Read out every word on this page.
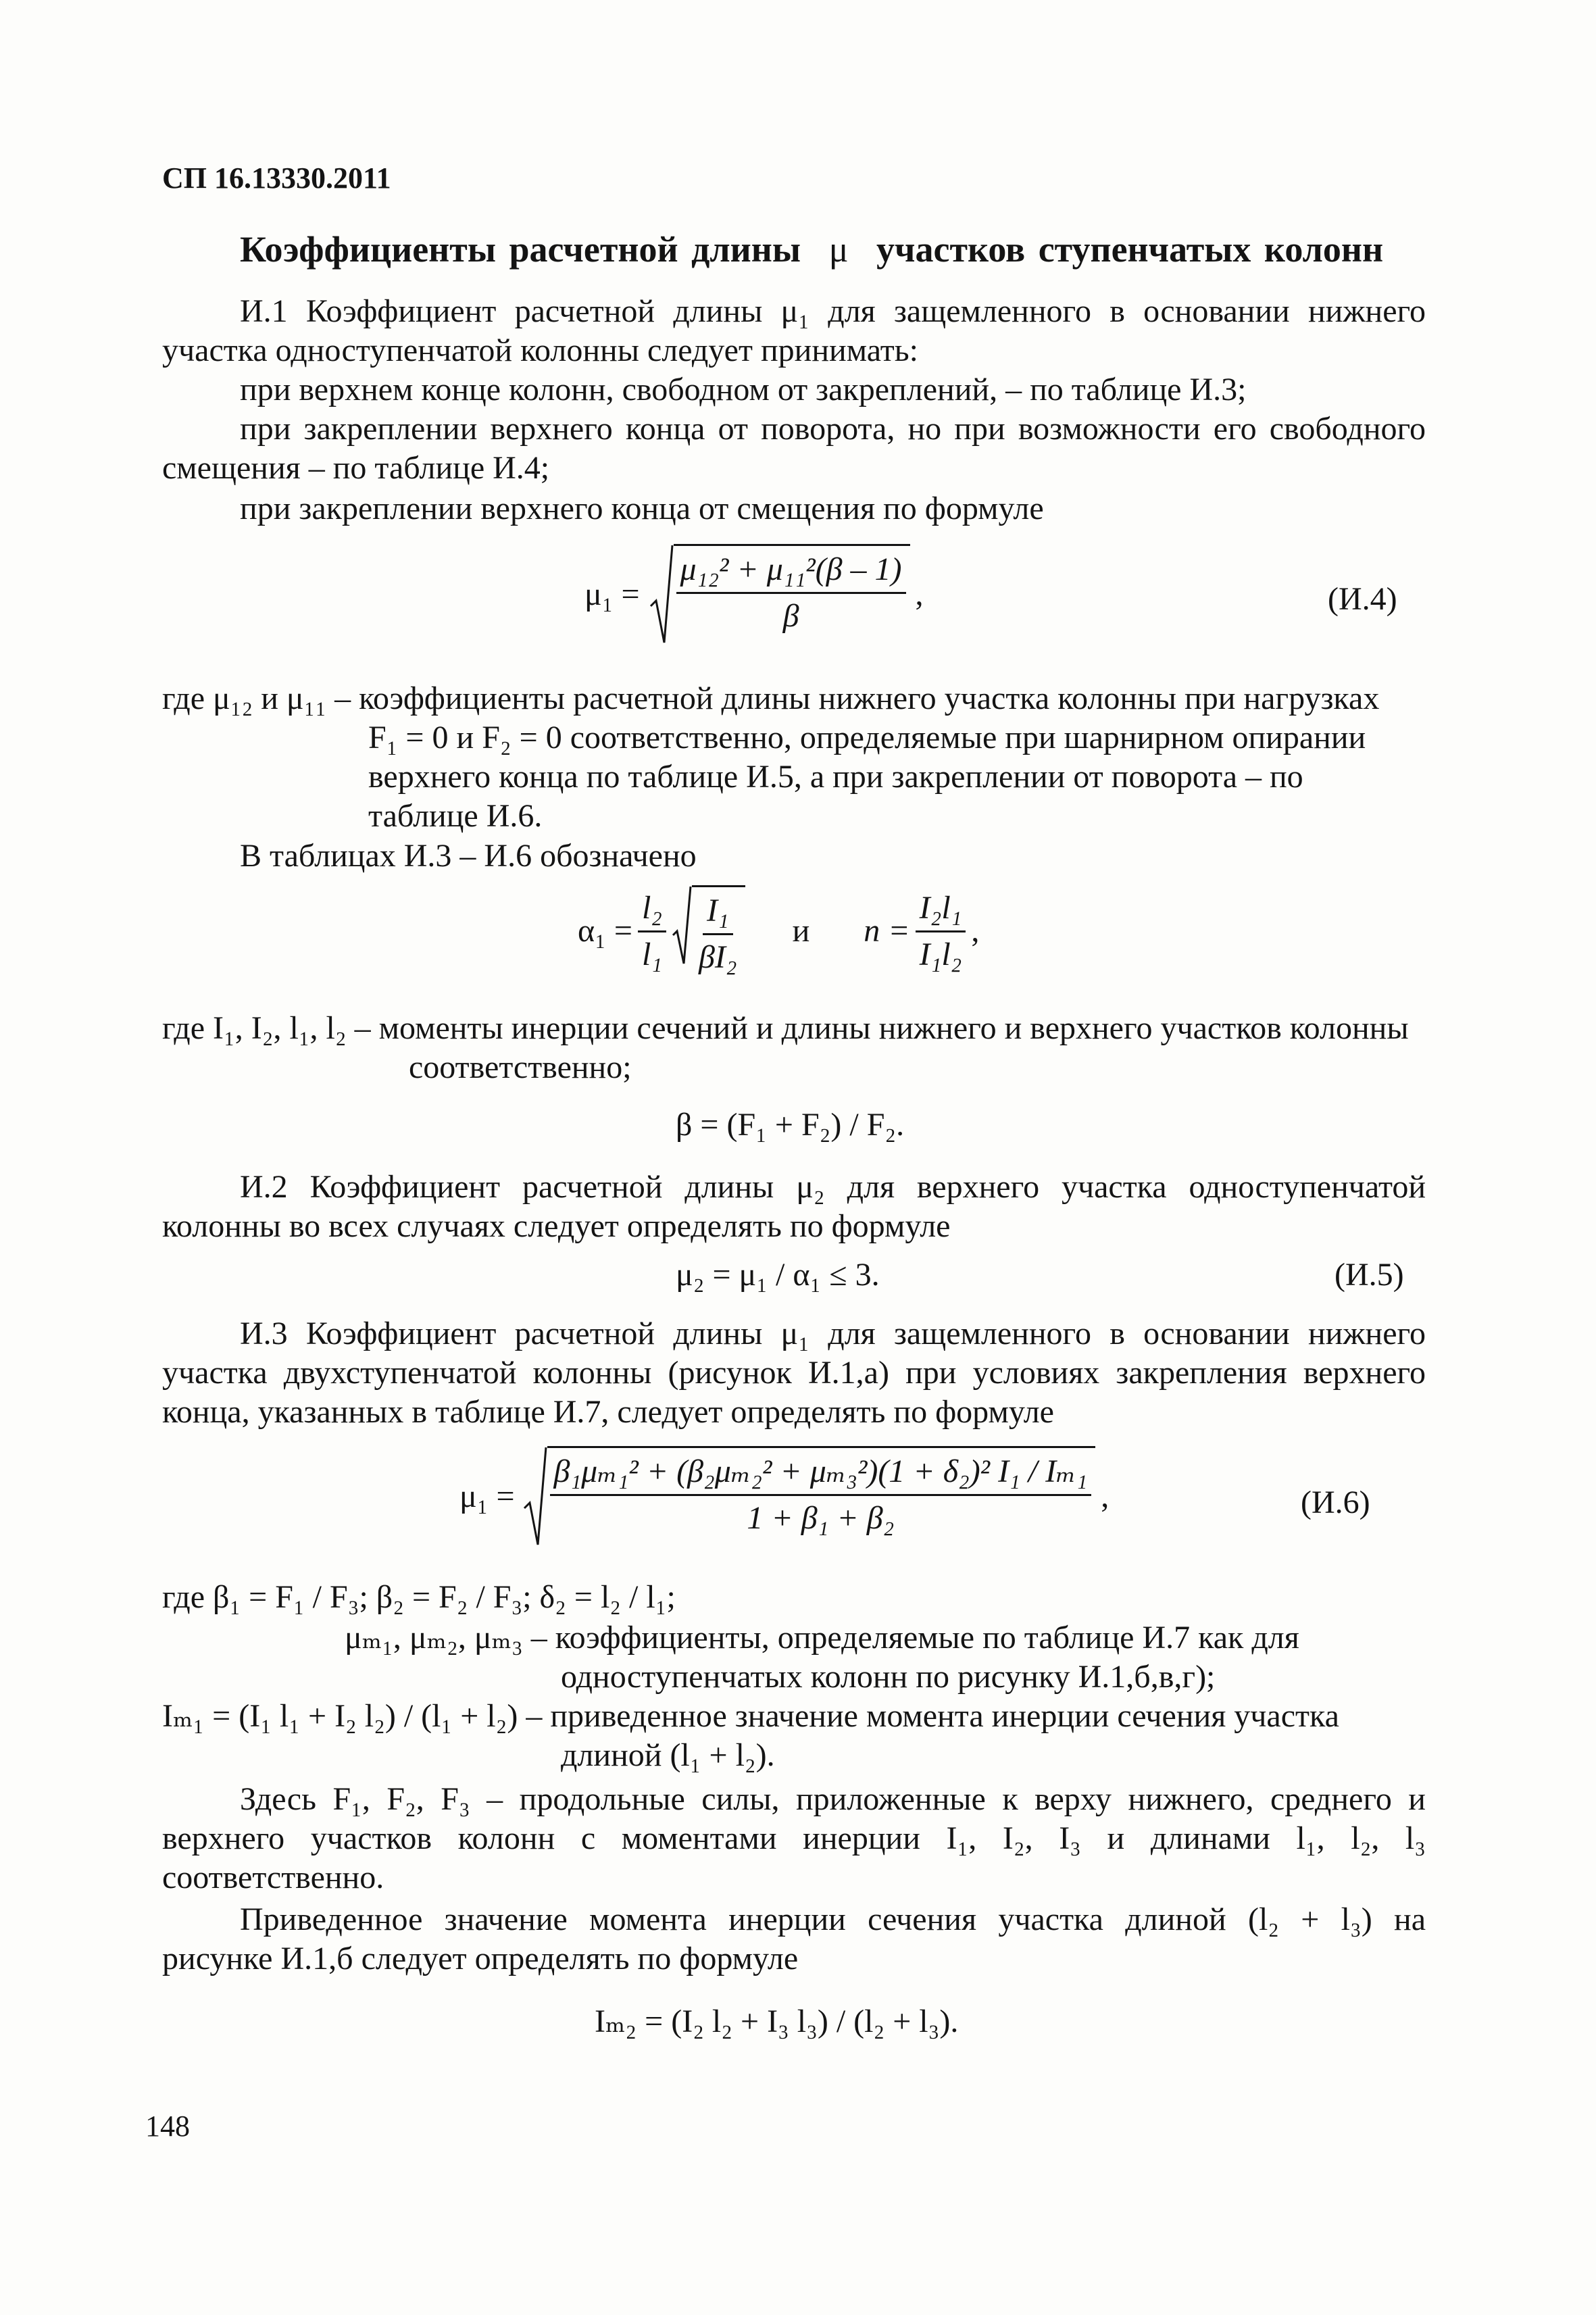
СП 16.13330.2011
Коэффициенты расчетной длины μ участков ступенчатых колонн
И.1 Коэффициент расчетной длины μ₁ для защемленного в основании нижнего
участка одноступенчатой колонны следует принимать:
при верхнем конце колонн, свободном от закреплений, – по таблице И.3;
при закреплении верхнего конца от поворота, но при возможности его свободного
смещения – по таблице И.4;
при закреплении верхнего конца от смещения по формуле
$\mu_1 = \frac{\text{μ₁₂² + μ₁₁²(β – 1)}}{\beta}$ ,	(И.4)
где μ₁₂ и μ₁₁ – коэффициенты расчетной длины нижнего участка колонны при нагрузках
F₁ = 0 и F₂ = 0 соответственно, определяемые при шарнирном опирании
верхнего конца по таблице И.5, а при закреплении от поворота – по
таблице И.6.
В таблицах И.3 – И.6 обозначено
$\alpha_1 = \frac{\text{l₂}}{\text{l₁}} \frac{\text{I₁}}{\text{βI₂}}$ и $n = \frac{\text{I₂l₁}}{\text{I₁l₂}}$ ,
где I₁, I₂, l₁, l₂ – моменты инерции сечений и длины нижнего и верхнего участков колонны
соответственно;
β = (F₁ + F₂) / F₂.
И.2 Коэффициент расчетной длины μ₂ для верхнего участка одноступенчатой
колонны во всех случаях следует определять по формуле
μ₂ = μ₁ / α₁ ≤ 3.	(И.5)
И.3 Коэффициент расчетной длины μ₁ для защемленного в основании нижнего
участка двухступенчатой колонны (рисунок И.1,а) при условиях закрепления верхнего
конца, указанных в таблице И.7, следует определять по формуле
$\mu_1 = \frac{\text{β₁μₘ₁² + (β₂μₘ₂² + μₘ₃²)(1 + δ₂)² I₁ / Iₘ₁}}{\text{1 + β₁ + β₂}}$ ,	(И.6)
где β₁ = F₁ / F₃; β₂ = F₂ / F₃; δ₂ = l₂ / l₁;
μₘ₁, μₘ₂, μₘ₃ – коэффициенты, определяемые по таблице И.7 как для
одноступенчатых колонн по рисунку И.1,б,в,г);
Iₘ₁ = (I₁ l₁ + I₂ l₂) / (l₁ + l₂) – приведенное значение момента инерции сечения участка
длиной (l₁ + l₂).
Здесь F₁, F₂, F₃ – продольные силы, приложенные к верху нижнего, среднего и
верхнего участков колонн с моментами инерции I₁, I₂, I₃ и длинами l₁, l₂, l₃
соответственно.
Приведенное значение момента инерции сечения участка длиной (l₂ + l₃) на
рисунке И.1,б следует определять по формуле
Iₘ₂ = (I₂ l₂ + I₃ l₃) / (l₂ + l₃).
148
